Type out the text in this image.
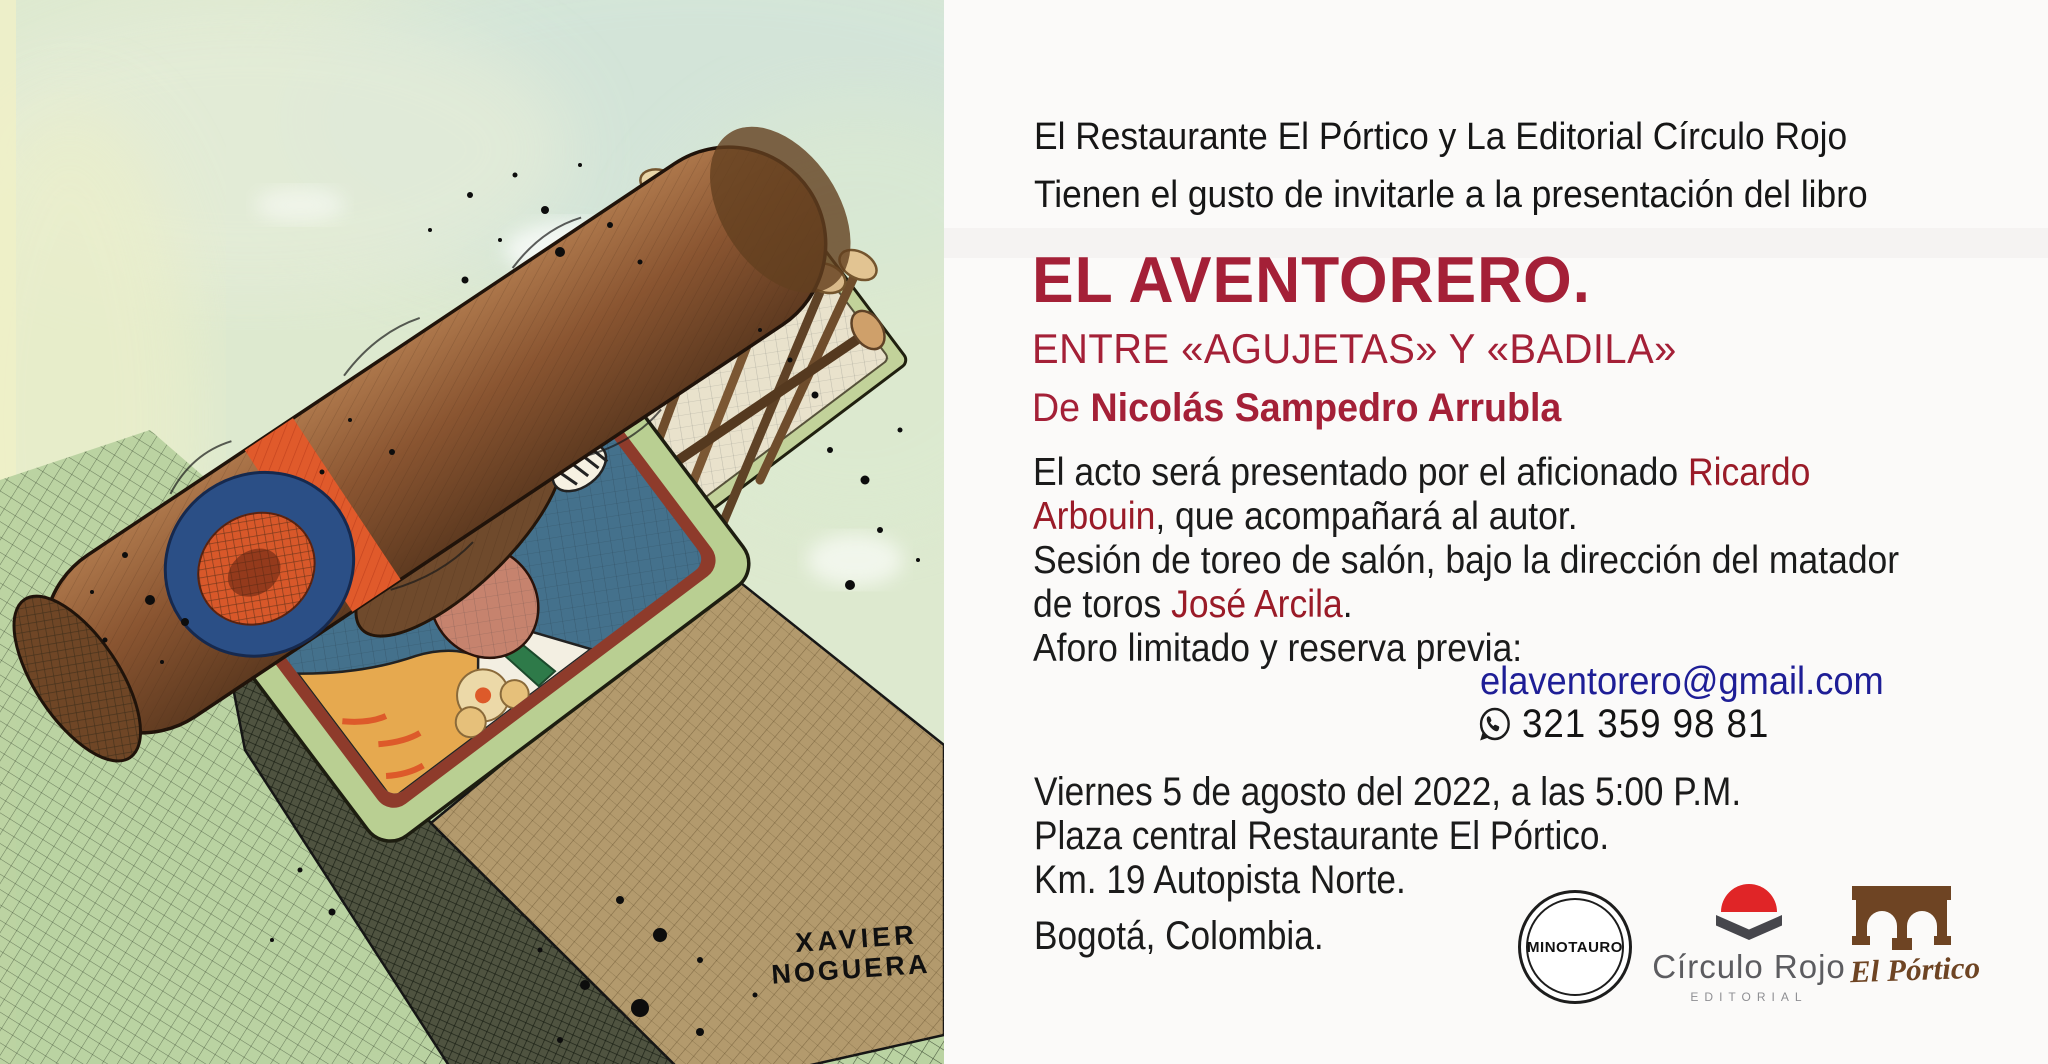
XAVIER
NOGUERA
El Restaurante El Pórtico y La Editorial Círculo Rojo
Tienen el gusto de invitarle a la presentación del libro
EL AVENTORERO.
ENTRE «AGUJETAS» Y «BADILA»
De Nicolás Sampedro Arrubla
El acto será presentado por el aficionado Ricardo
Arbouin, que acompañará al autor.
Sesión de toreo de salón, bajo la dirección del matador
de toros José Arcila.
Aforo limitado y reserva previa:
elaventorero@gmail.com
321 359 98 81
Viernes 5 de agosto del 2022, a las 5:00 P.M.
Plaza central Restaurante El Pórtico.
Km. 19 Autopista Norte.
Bogotá, Colombia.	MINOTAURO
Círculo Rojo
EDITORIAL
El Pórtico
